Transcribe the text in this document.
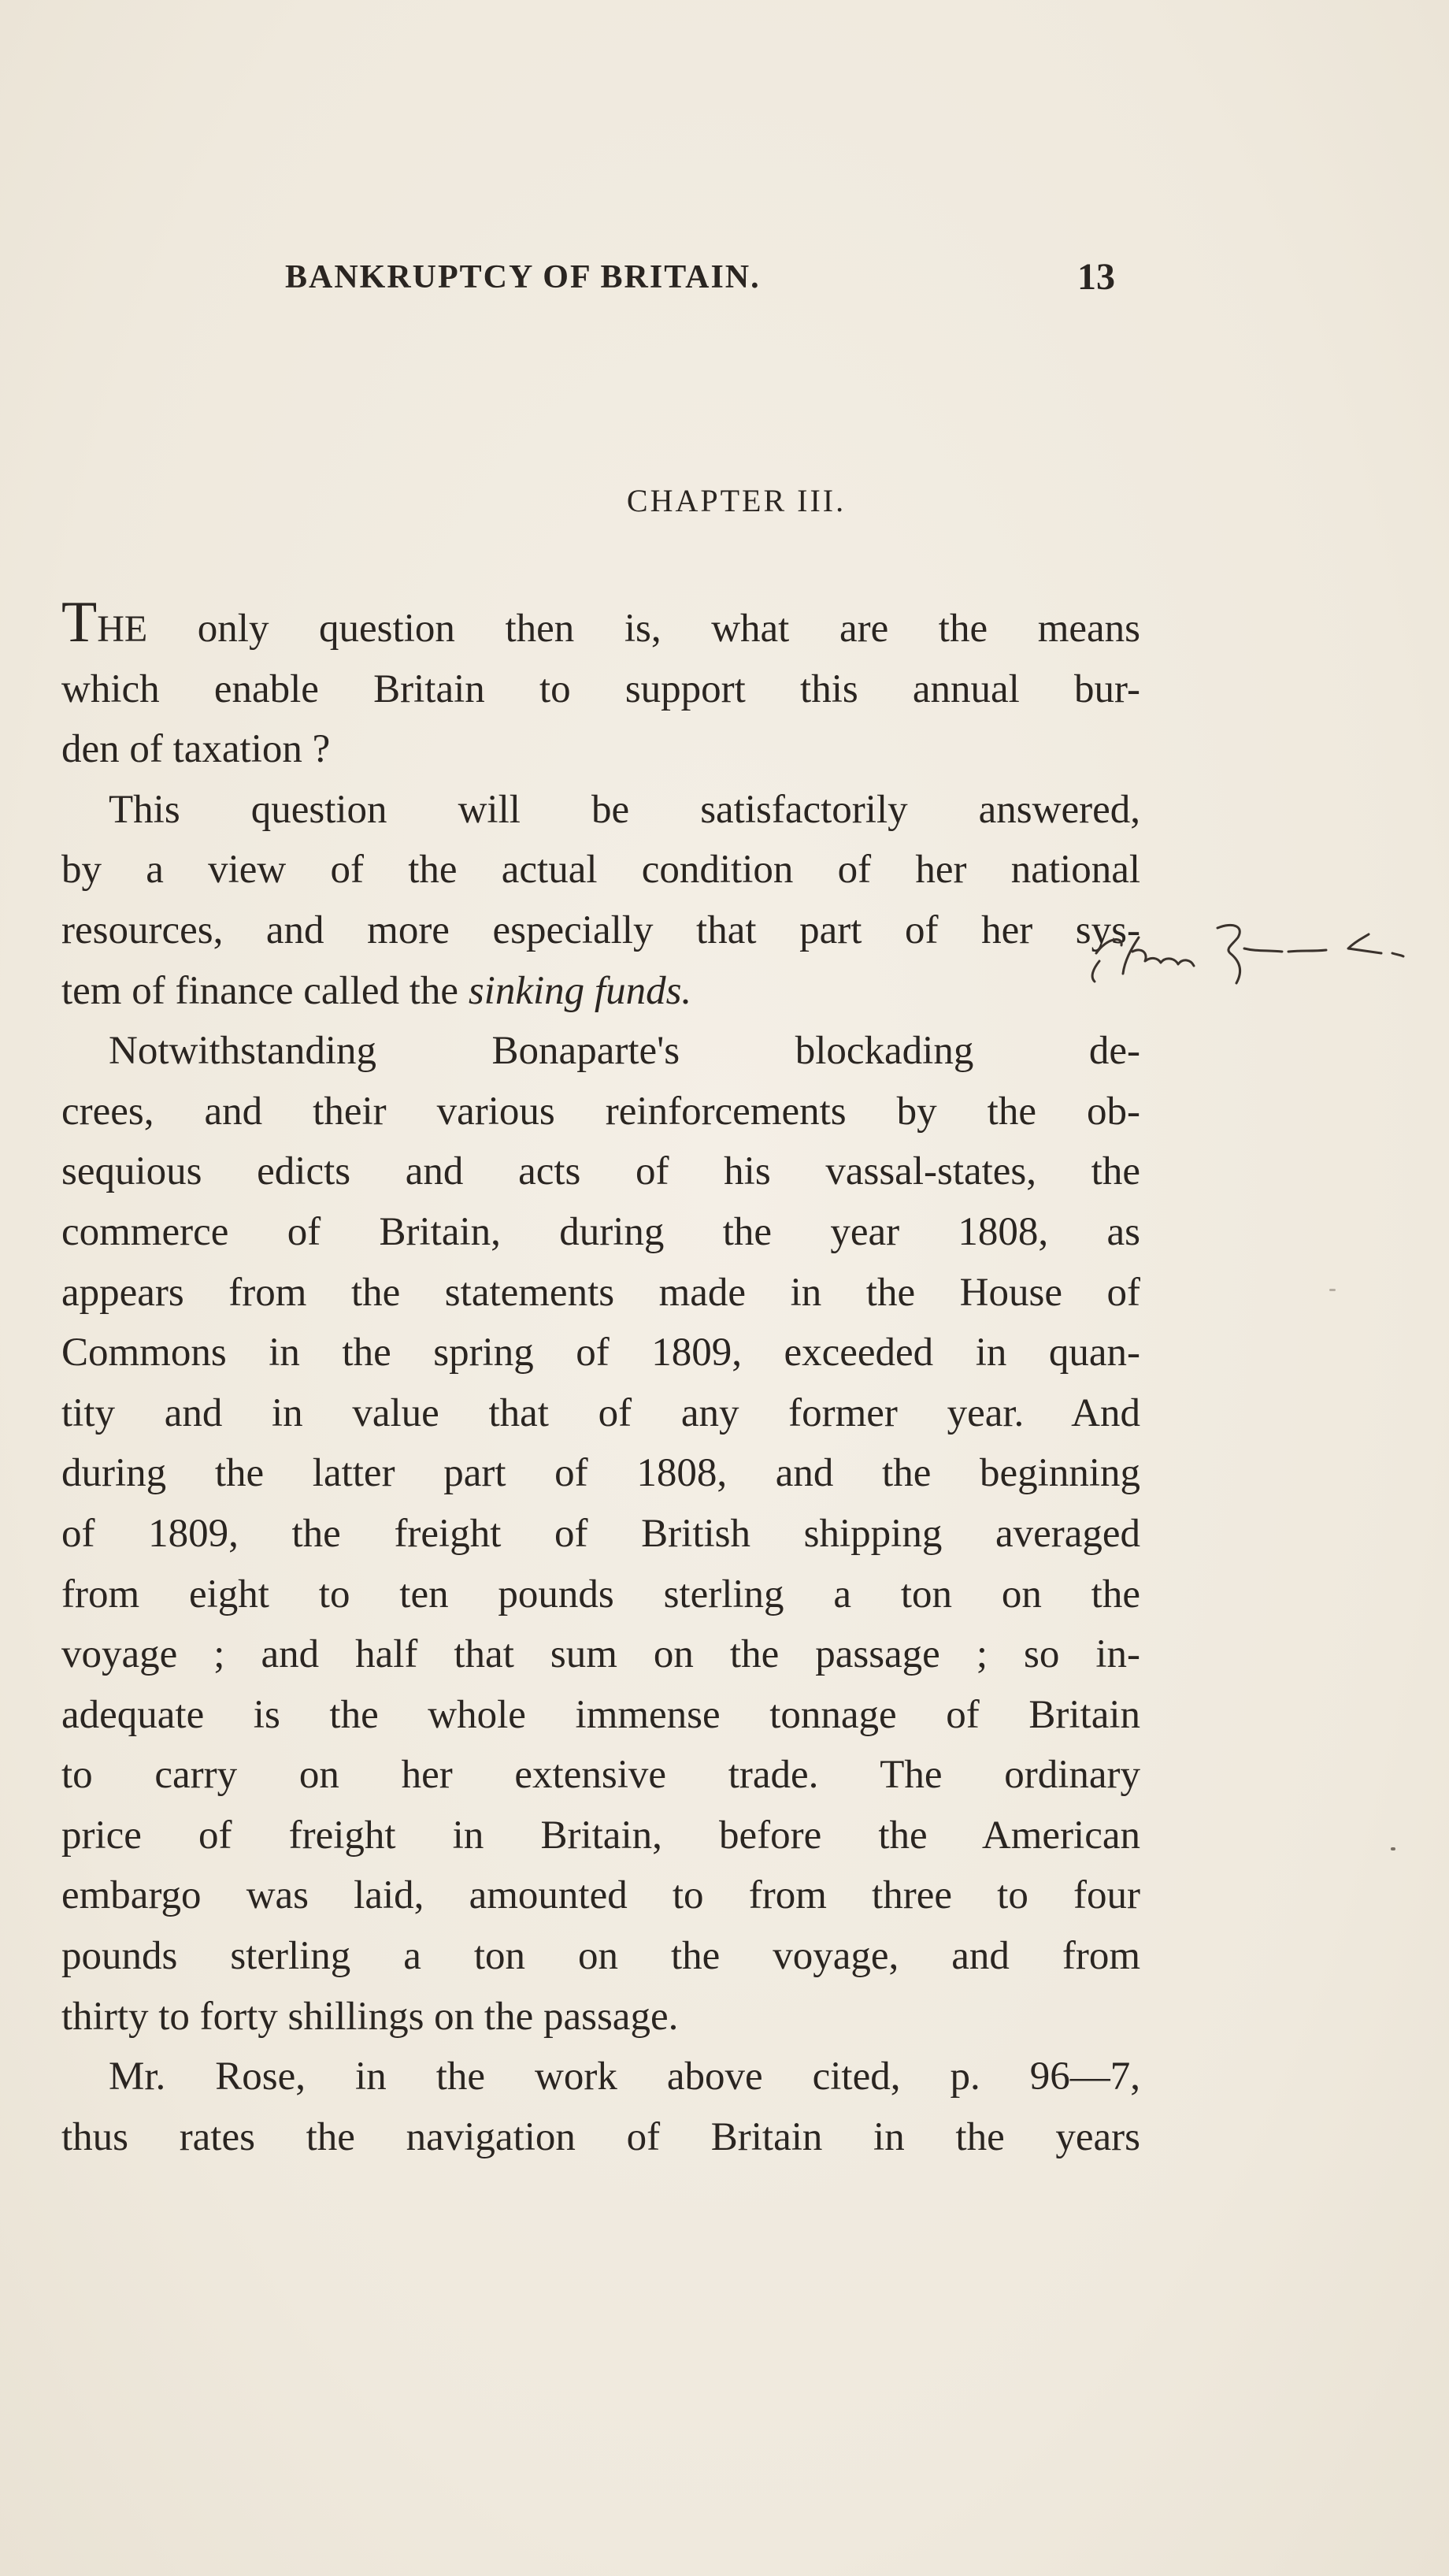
BANKRUPTCY OF BRITAIN.	13
CHAPTER III.
THE only question then is, what are the means
which enable Britain to support this annual bur-
den of taxation ?
This question will be satisfactorily answered,
by a view of the actual condition of her national
resources, and more especially that part of her sys-
tem of finance called the sinking funds.
Notwithstanding Bonaparte's blockading de-
crees, and their various reinforcements by the ob-
sequious edicts and acts of his vassal-states, the
commerce of Britain, during the year 1808, as
appears from the statements made in the House of
Commons in the spring of 1809, exceeded in quan-
tity and in value that of any former year. And
during the latter part of 1808, and the beginning
of 1809, the freight of British shipping averaged
from eight to ten pounds sterling a ton on the
voyage ; and half that sum on the passage ; so in-
adequate is the whole immense tonnage of Britain
to carry on her extensive trade. The ordinary
price of freight in Britain, before the American
embargo was laid, amounted to from three to four
pounds sterling a ton on the voyage, and from
thirty to forty shillings on the passage.
Mr. Rose, in the work above cited, p. 96—7,
thus rates the navigation of Britain in the years
